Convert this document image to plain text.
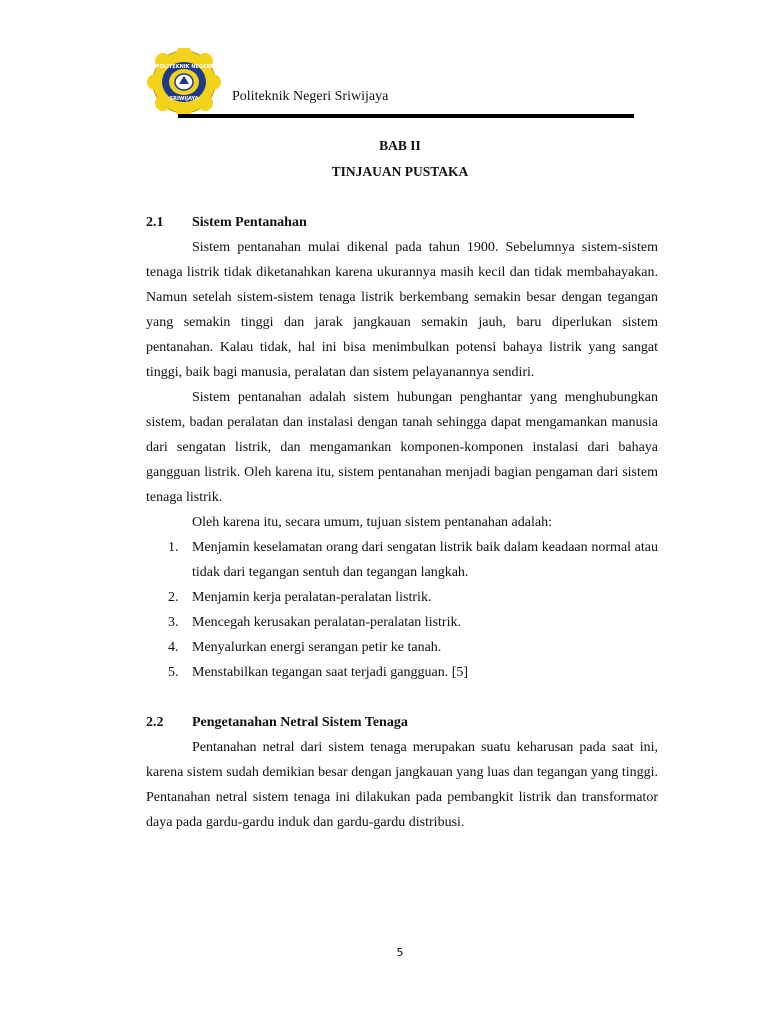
POLITEKNIK NEGERI
SRIWIJAYA Politeknik Negeri Sriwijaya
BAB II
TINJAUAN PUSTAKA
2.1 Sistem Pentanahan

Sistem pentanahan mulai dikenal pada tahun 1900. Sebelumnya sistem-sistem tenaga listrik tidak diketanahkan karena ukurannya masih kecil dan tidak membahayakan. Namun setelah sistem-sistem tenaga listrik berkembang semakin besar dengan tegangan yang semakin tinggi dan jarak jangkauan semakin jauh, baru diperlukan sistem pentanahan. Kalau tidak, hal ini bisa menimbulkan potensi bahaya listrik yang sangat tinggi, baik bagi manusia, peralatan dan sistem pelayanannya sendiri.

Sistem pentanahan adalah sistem hubungan penghantar yang menghubungkan sistem, badan peralatan dan instalasi dengan tanah sehingga dapat mengamankan manusia dari sengatan listrik, dan mengamankan komponen-komponen instalasi dari bahaya gangguan listrik. Oleh karena itu, sistem pentanahan menjadi bagian pengaman dari sistem tenaga listrik.

Oleh karena itu, secara umum, tujuan sistem pentanahan adalah:

1. Menjamin keselamatan orang dari sengatan listrik baik dalam keadaan normal atau tidak dari tegangan sentuh dan tegangan langkah.
2. Menjamin kerja peralatan-peralatan listrik.
3. Mencegah kerusakan peralatan-peralatan listrik.
4. Menyalurkan energi serangan petir ke tanah.
5. Menstabilkan tegangan saat terjadi gangguan. [5]
2.2 Pengetanahan Netral Sistem Tenaga

Pentanahan netral dari sistem tenaga merupakan suatu keharusan pada saat ini, karena sistem sudah demikian besar dengan jangkauan yang luas dan tegangan yang tinggi. Pentanahan netral sistem tenaga ini dilakukan pada pembangkit listrik dan transformator daya pada gardu-gardu induk dan gardu-gardu distribusi.

5
